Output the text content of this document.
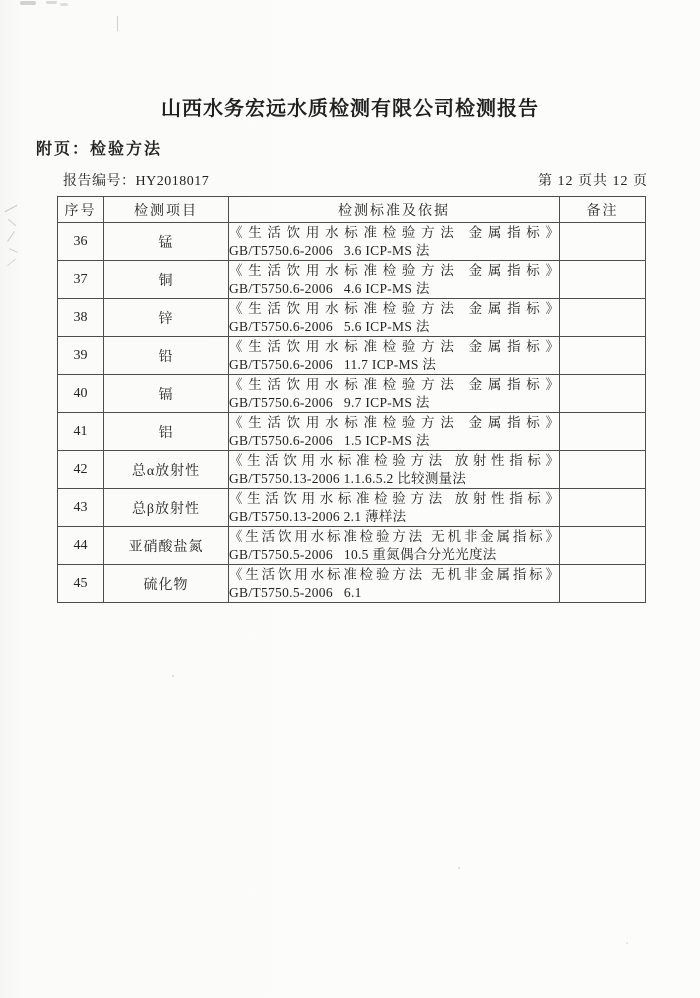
山西水务宏远水质检测有限公司检测报告
附页：检验方法
报告编号：HY2018017	第 12 页共 12 页
序号	检测项目	检测标准及依据	备注
36	锰	《生活饮用水标准检验方法 金属指标》
GB/T5750.6-2006   3.6 ICP-MS 法	

37	铜	《生活饮用水标准检验方法 金属指标》
GB/T5750.6-2006   4.6 ICP-MS 法	

38	锌	《生活饮用水标准检验方法 金属指标》
GB/T5750.6-2006   5.6 ICP-MS 法	

39	铅	《生活饮用水标准检验方法 金属指标》
GB/T5750.6-2006   11.7 ICP-MS 法	

40	镉	《生活饮用水标准检验方法 金属指标》
GB/T5750.6-2006   9.7 ICP-MS 法	

41	铝	《生活饮用水标准检验方法 金属指标》
GB/T5750.6-2006   1.5 ICP-MS 法	

42	总α放射性	《生活饮用水标准检验方法 放射性指标》
GB/T5750.13-2006 1.1.6.5.2 比较测量法	

43	总β放射性	《生活饮用水标准检验方法 放射性指标》
GB/T5750.13-2006 2.1 薄样法	

44	亚硝酸盐氮	《生活饮用水标准检验方法 无机非金属指标》
GB/T5750.5-2006   10.5 重氮偶合分光光度法	

45	硫化物	《生活饮用水标准检验方法 无机非金属指标》
GB/T5750.5-2006   6.1	
